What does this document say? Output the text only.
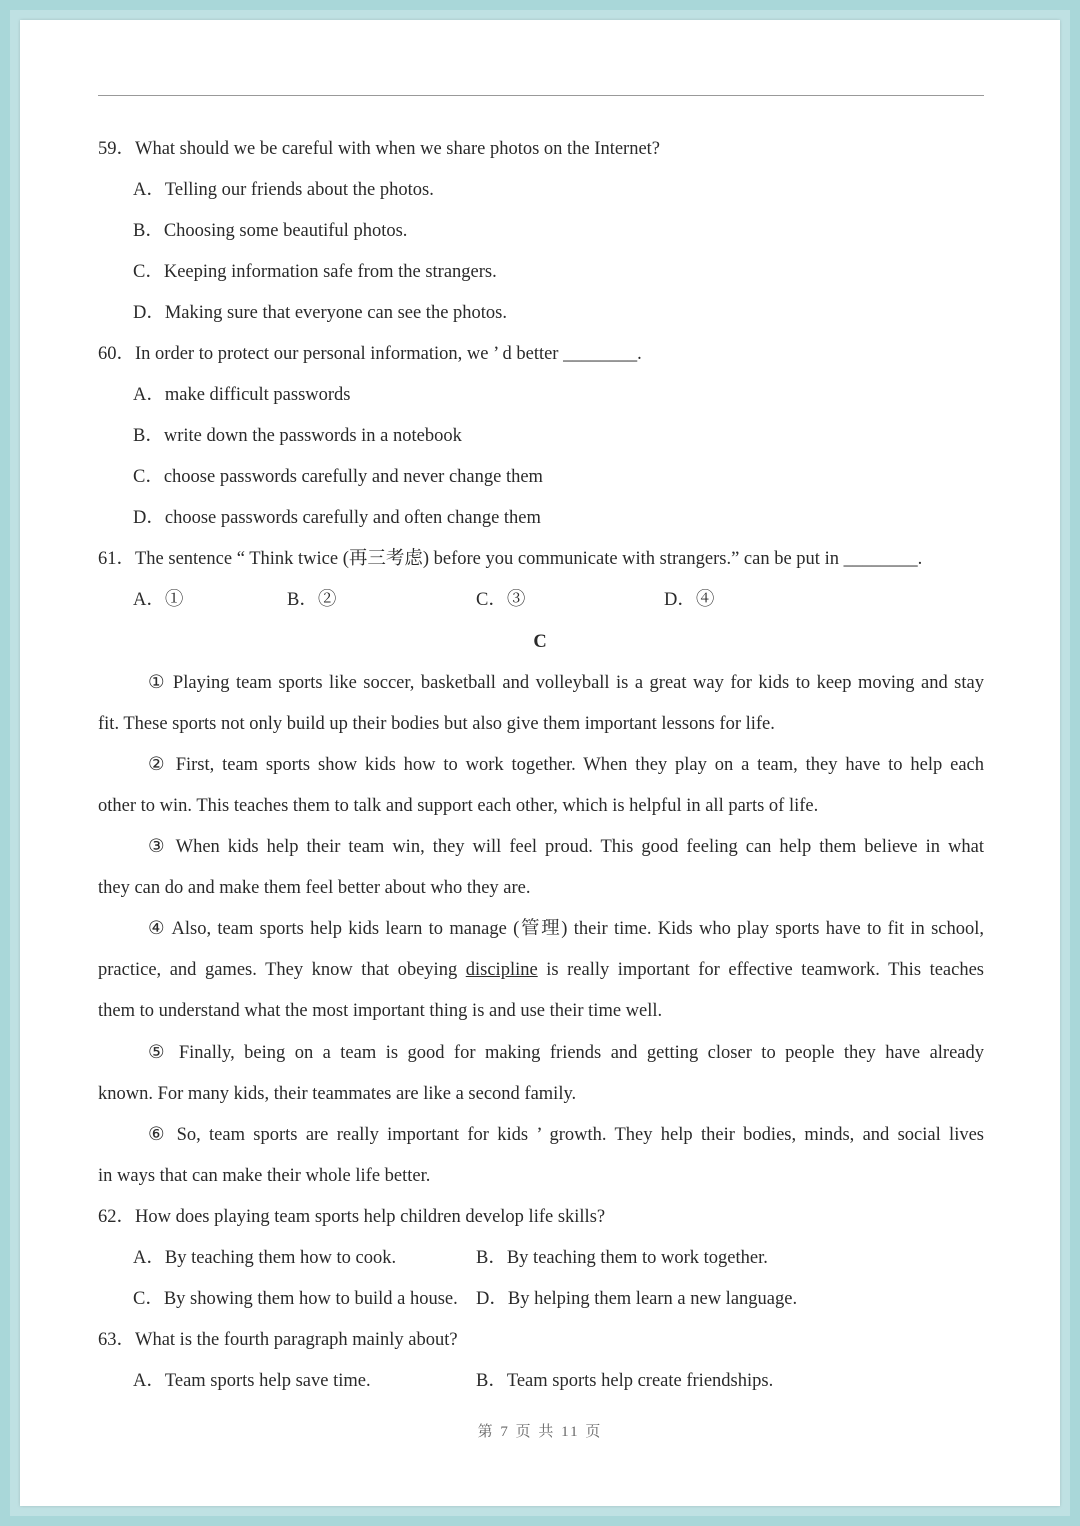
59．What should we be careful with when we share photos on the Internet?
A．Telling our friends about the photos.
B．Choosing some beautiful photos.
C．Keeping information safe from the strangers.
D．Making sure that everyone can see the photos.
60．In order to protect our personal information, we ’ d better ________.
A．make difficult passwords
B．write down the passwords in a notebook
C．choose passwords carefully and never change them
D．choose passwords carefully and often change them
61．The sentence “ Think twice (再三考虑) before you communicate with strangers.” can be put in ________.
A．①	B．②	C．③	D．④
C
① Playing team sports like soccer, basketball and volleyball is a great way for kids to keep moving and stay
fit. These sports not only build up their bodies but also give them important lessons for life.
② First, team sports show kids how to work together. When they play on a team, they have to help each
other to win. This teaches them to talk and support each other, which is helpful in all parts of life.
③ When kids help their team win, they will feel proud. This good feeling can help them believe in what
they can do and make them feel better about who they are.
④ Also, team sports help kids learn to manage (管理) their time. Kids who play sports have to fit in school,
practice, and games. They know that obeying discipline is really important for effective teamwork. This teaches
them to understand what the most important thing is and use their time well.
⑤ Finally, being on a team is good for making friends and getting closer to people they have already
known. For many kids, their teammates are like a second family.
⑥ So, team sports are really important for kids ’ growth. They help their bodies, minds, and social lives
in ways that can make their whole life better.
62．How does playing team sports help children develop life skills?
A．By teaching them how to cook.	B．By teaching them to work together.
C．By showing them how to build a house. D．By helping them learn a new language.
63．What is the fourth paragraph mainly about?
A．Team sports help save time.	B．Team sports help create friendships.
第 7 页 共 11 页
